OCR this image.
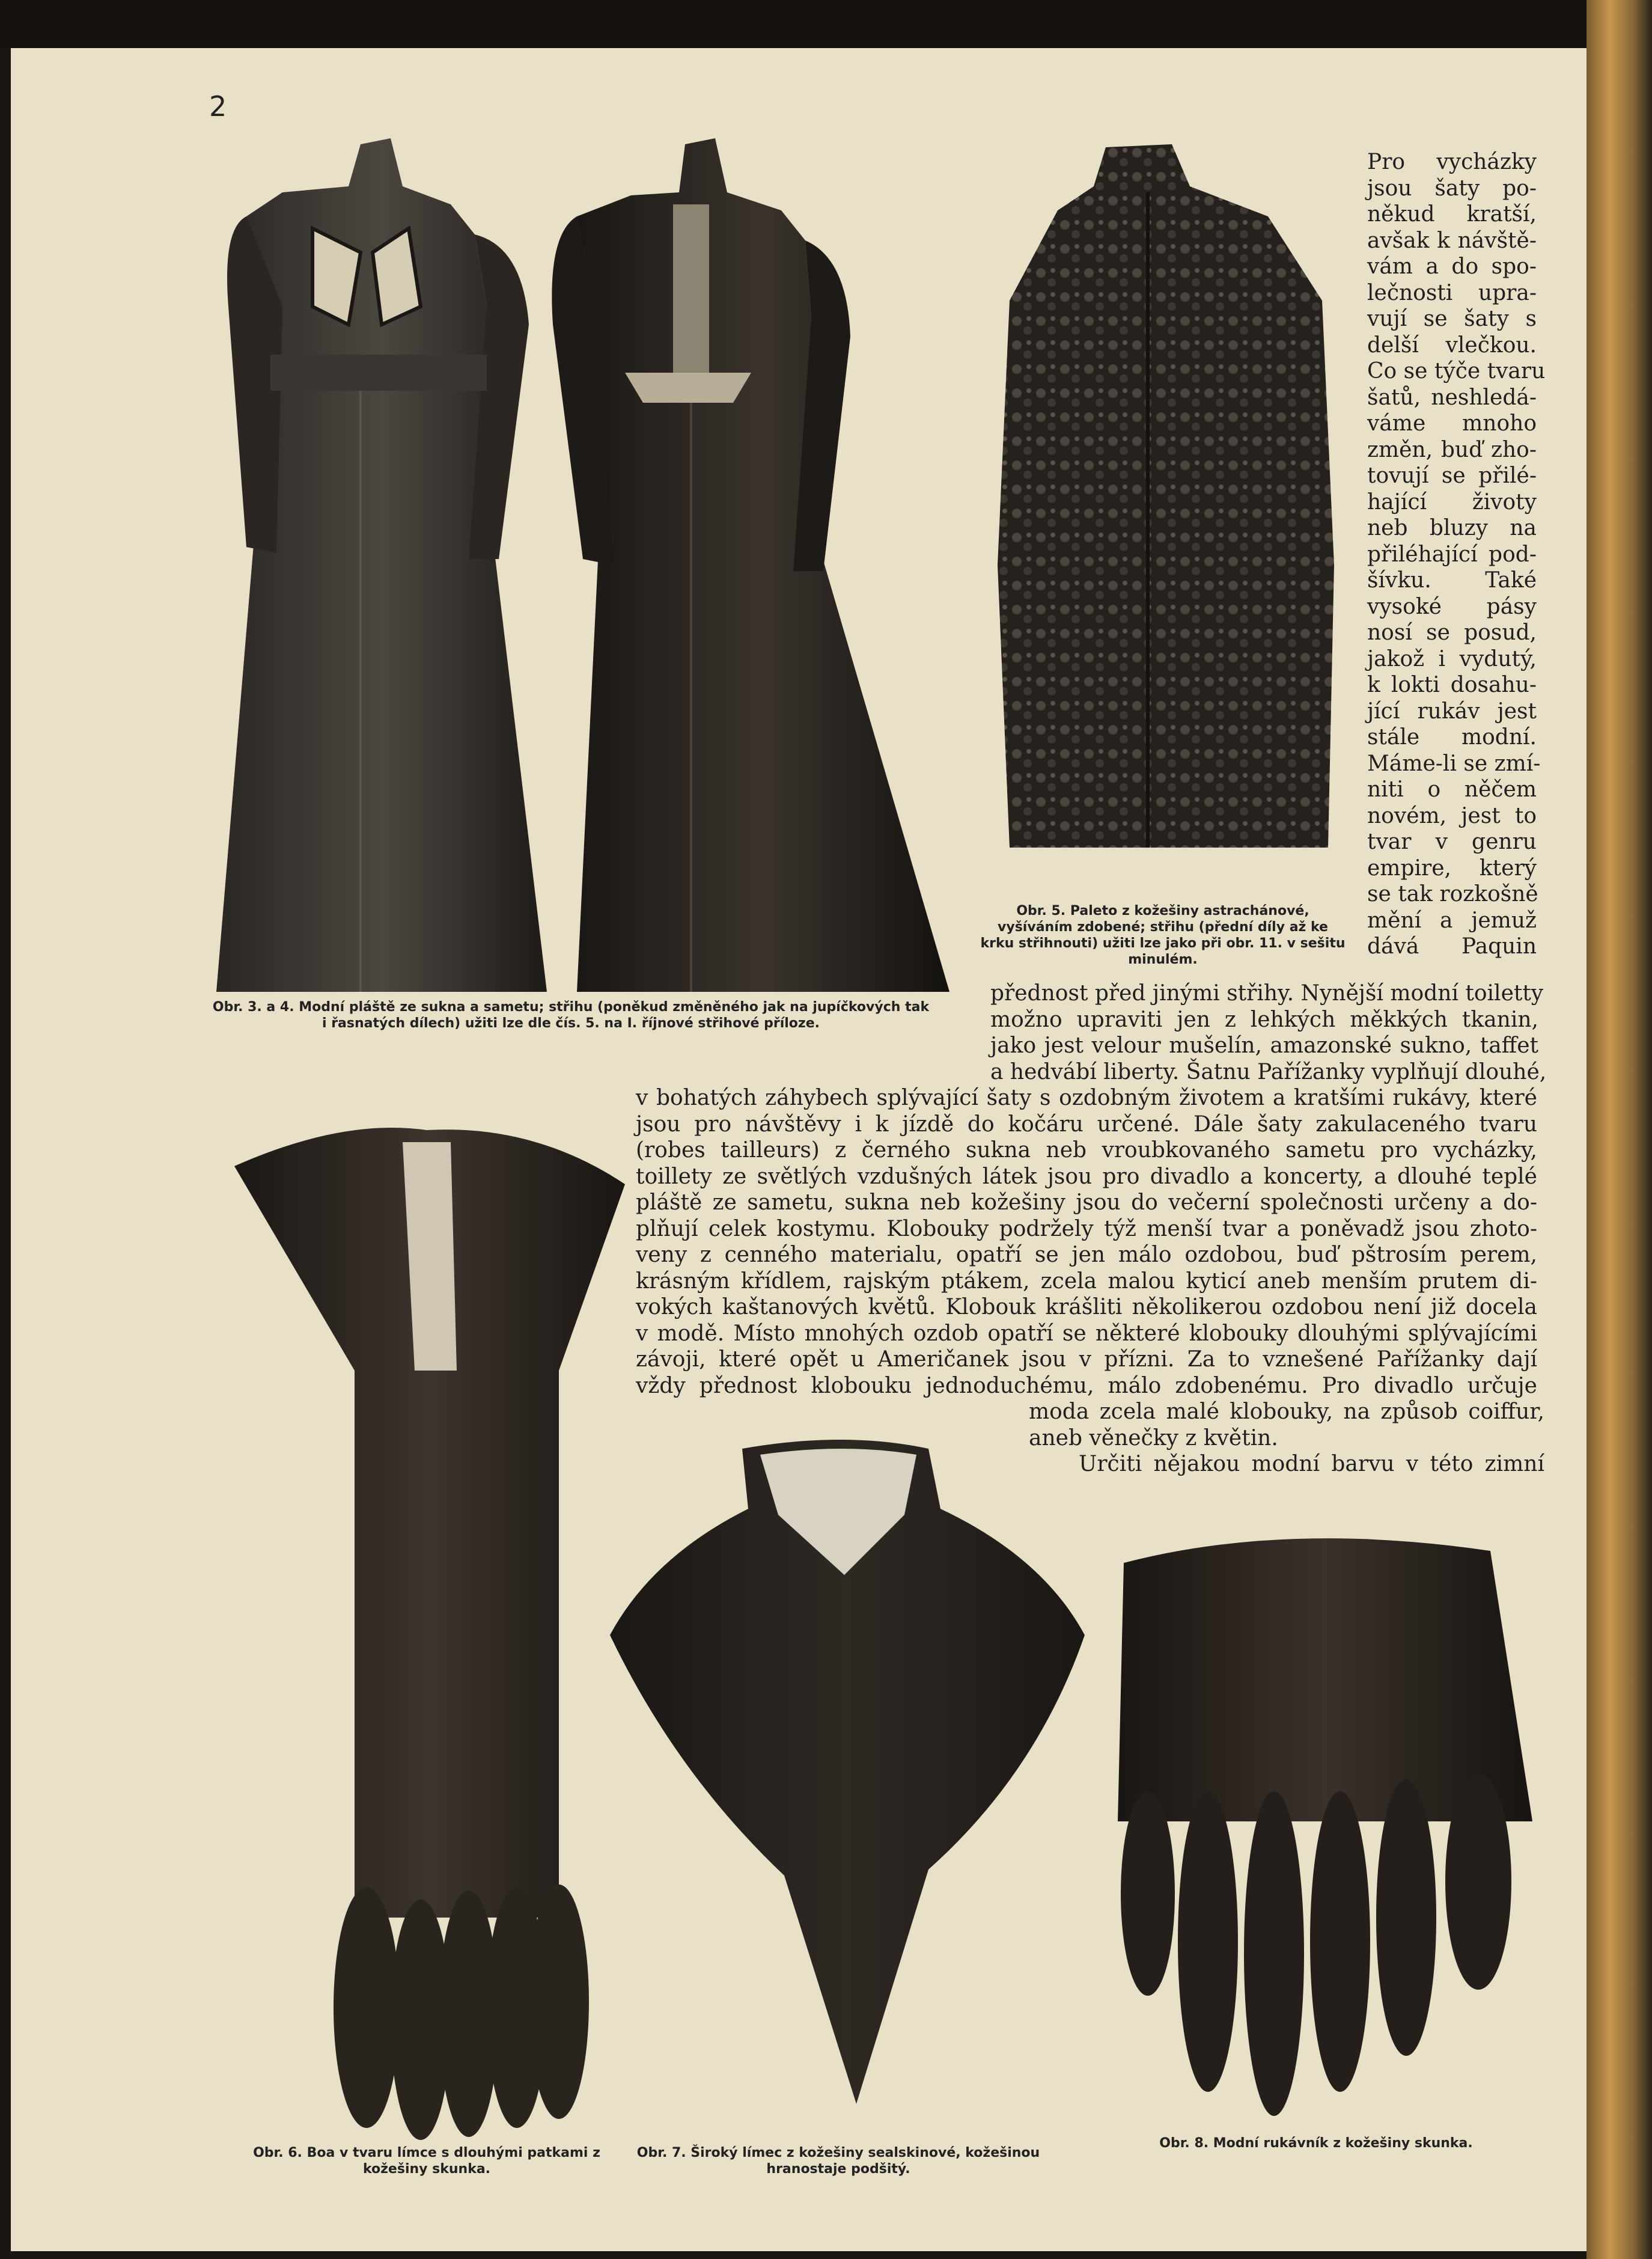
2
Obr. 3. a 4. Modní pláště ze sukna a sametu; střihu (poněkud změněného jak na jupíčkových tak i řasnatých dílech) užiti lze dle čís. 5. na I. říjnové střihové příloze.
Obr. 5. Paleto z kožešiny astrachánové, vyšíváním zdobené; střihu (přední díly až ke krku střihnouti) užiti lze jako při obr. 11. v sešitu minulém.
Pro vycházky
jsou šaty po-
někud kratší,
avšak k návště-
vám a do spo-
lečnosti upra-
vují se šaty s
delší vlečkou.
Co se týče tvaru
šatů, neshledá-
váme mnoho
změn, buď zho-
tovují se přilé-
hající životy
neb bluzy na
přiléhající pod-
šívku. Také
vysoké pásy
nosí se posud,
jakož i vydutý,
k lokti dosahu-
jící rukáv jest
stále modní.
Máme-li se zmí-
niti o něčem
novém, jest to
tvar v genru
empire, který
se tak rozkošně
mění a jemuž
dává Paquin
přednost před jinými střihy. Nynější modní toiletty
možno upraviti jen z lehkých měkkých tkanin,
jako jest velour mušelín, amazonské sukno, taffet
a hedvábí liberty. Šatnu Pařížanky vyplňují dlouhé,
v bohatých záhybech splývající šaty s ozdobným životem a kratšími rukávy, které
jsou pro návštěvy i k jízdě do kočáru určené. Dále šaty zakulaceného tvaru
(robes tailleurs) z černého sukna neb vroubkovaného sametu pro vycházky,
toillety ze světlých vzdušných látek jsou pro divadlo a koncerty, a dlouhé teplé
pláště ze sametu, sukna neb kožešiny jsou do večerní společnosti určeny a do-
plňují celek kostymu. Klobouky podržely týž menší tvar a poněvadž jsou zhoto-
veny z cenného materialu, opatří se jen málo ozdobou, buď pštrosím perem,
krásným křídlem, rajským ptákem, zcela malou kyticí aneb menším prutem di-
vokých kaštanových květů. Klobouk krášliti několikerou ozdobou není již docela
v modě. Místo mnohých ozdob opatří se některé klobouky dlouhými splývajícími
závoji, které opět u Američanek jsou v přízni. Za to vznešené Pařížanky dají
vždy přednost klobouku jednoduchému, málo zdobenému. Pro divadlo určuje
moda zcela malé klobouky, na způsob coiffur,
aneb věnečky z květin.
Určiti nějakou modní barvu v této zimní
Obr. 6. Boa v tvaru límce s dlouhými patkami z kožešiny skunka.
Obr. 7. Široký límec z kožešiny sealskinové, kožešinou hranostaje podšitý.
Obr. 8. Modní rukávník z kožešiny skunka.
